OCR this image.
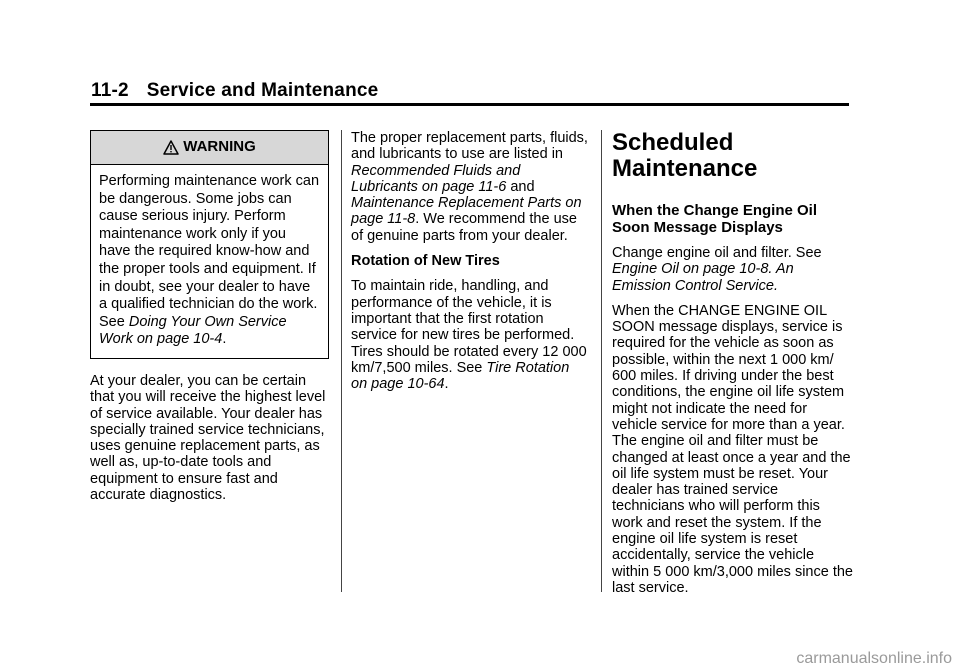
11-2 Service and Maintenance
WARNING
Performing maintenance work can be dangerous. Some jobs can cause serious injury. Perform maintenance work only if you have the required know-how and the proper tools and equipment. If in doubt, see your dealer to have a qualified technician do the work. See Doing Your Own Service Work on page 10-4.

At your dealer, you can be certain that you will receive the highest level of service available. Your dealer has specially trained service technicians, uses genuine replacement parts, as well as, up-to-date tools and equipment to ensure fast and accurate diagnostics.

The proper replacement parts, fluids, and lubricants to use are listed in Recommended Fluids and Lubricants on page 11-6 and Maintenance Replacement Parts on page 11-8. We recommend the use of genuine parts from your dealer.

Rotation of New Tires

To maintain ride, handling, and performance of the vehicle, it is important that the first rotation service for new tires be performed. Tires should be rotated every 12 000 km/7,500 miles. See Tire Rotation on page 10-64.

Scheduled Maintenance

When the Change Engine Oil Soon Message Displays

Change engine oil and filter. See Engine Oil on page 10-8. An Emission Control Service.

When the CHANGE ENGINE OIL SOON message displays, service is required for the vehicle as soon as possible, within the next 1 000 km/ 600 miles. If driving under the best conditions, the engine oil life system might not indicate the need for vehicle service for more than a year. The engine oil and filter must be changed at least once a year and the oil life system must be reset. Your dealer has trained service technicians who will perform this work and reset the system. If the engine oil life system is reset accidentally, service the vehicle within 5 000 km/3,000 miles since the last service.

carmanualsonline.info
